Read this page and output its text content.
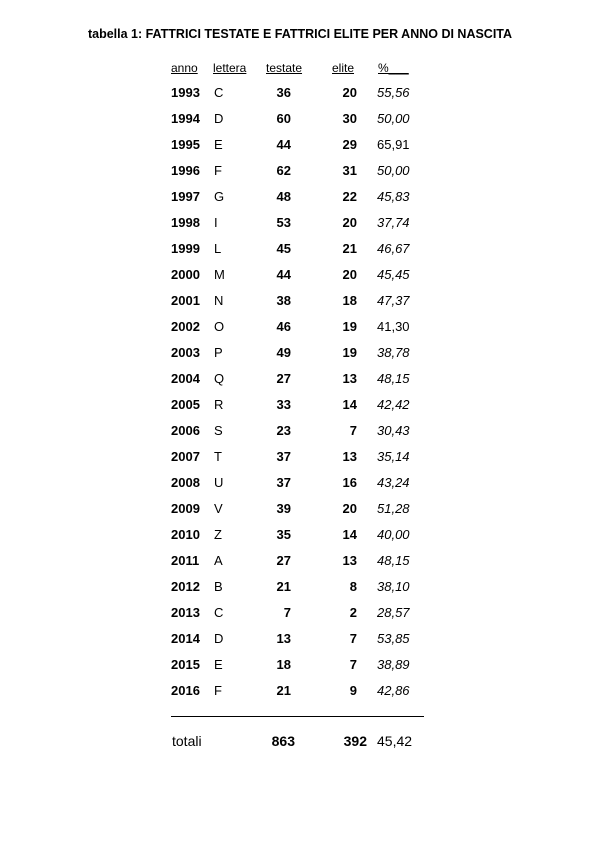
tabella 1: FATTRICI TESTATE E FATTRICI ELITE PER ANNO DI NASCITA
anno lettera testate elite %___
1993 C	36	20 55,56
1994 D	60	30 50,00
1995 E	44	29 65,91
1996 F	62	31 50,00
1997 G	48	22 45,83
1998 I	53	20 37,74
1999 L	45	21 46,67
2000 M	44	20 45,45
2001 N	38	18 47,37
2002 O	46	19 41,30
2003 P	49	19 38,78
2004 Q	27	13 48,15
2005 R	33	14 42,42
2006 S	23	7 30,43
2007 T	37	13 35,14
2008 U	37	16 43,24
2009 V	39	20 51,28
2010 Z	35	14 40,00
2011 A	27	13 48,15
2012 B	21	8 38,10
2013 C	7	2 28,57
2014 D	13	7 53,85
2015 E	18	7 38,89
2016 F	21	9 42,86
totali	863	392 45,42
